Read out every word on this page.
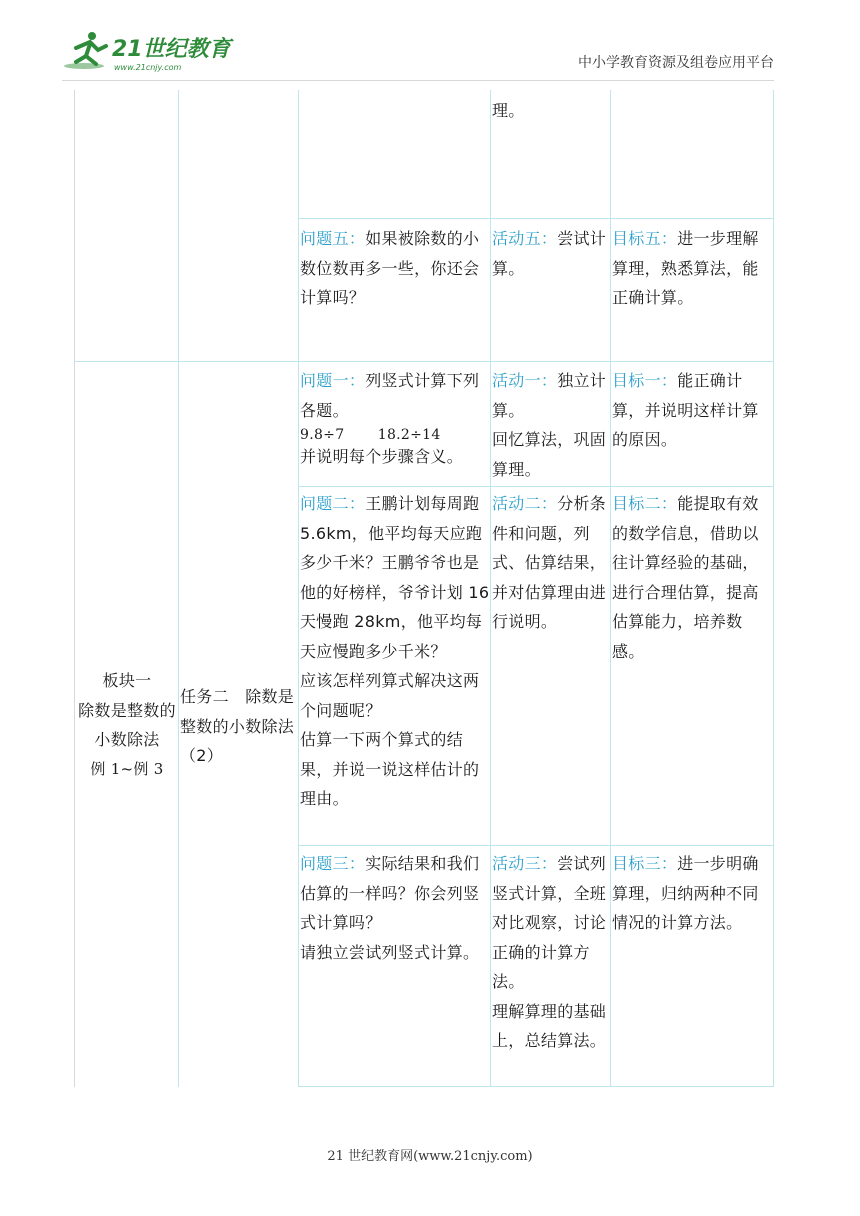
21世纪教育
www.21cnjy.com	中小学教育资源及组卷应用平台
理。
问题五：如果被除数的小数位数再多一些，你还会计算吗？
活动五：尝试计算。
目标五：进一步理解算理，熟悉算法，能正确计算。
板块一
除数是整数的小数除法
例 1~例 3
任务二　除数是整数的小数除法（2）
问题一：列竖式计算下列各题。
9.8÷7　　 18.2÷14
并说明每个步骤含义。
活动一：独立计算。
回忆算法，巩固算理。
目标一：能正确计算，并说明这样计算的原因。
问题二：王鹏计划每周跑 5.6km，他平均每天应跑多少千米？王鹏爷爷也是他的好榜样，爷爷计划 16 天慢跑 28km，他平均每天应慢跑多少千米？
应该怎样列算式解决这两个问题呢？
估算一下两个算式的结果，并说一说这样估计的理由。
活动二：分析条件和问题，列式、估算结果，并对估算理由进行说明。
目标二：能提取有效的数学信息，借助以往计算经验的基础，进行合理估算，提高估算能力，培养数感。
问题三：实际结果和我们估算的一样吗？你会列竖式计算吗？
请独立尝试列竖式计算。
活动三：尝试列竖式计算，全班对比观察，讨论正确的计算方法。
理解算理的基础上，总结算法。
目标三：进一步明确算理，归纳两种不同情况的计算方法。
21 世纪教育网(www.21cnjy.com)
